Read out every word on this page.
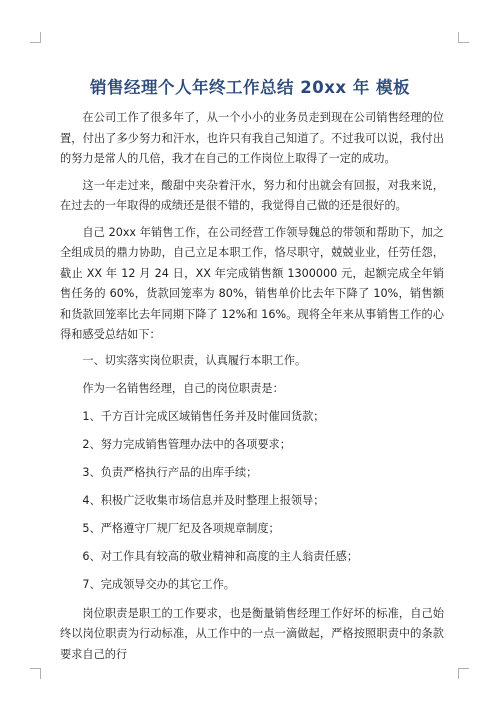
销售经理个人年终工作总结 20xx 年 模板

在公司工作了很多年了，从一个小小的业务员走到现在公司销售经理的位置，付出了多少努力和汗水，也许只有我自己知道了。不过我可以说，我付出的努力是常人的几倍，我才在自己的工作岗位上取得了一定的成功。

这一年走过来，酸甜中夹杂着汗水，努力和付出就会有回报，对我来说，在过去的一年取得的成绩还是很不错的，我觉得自己做的还是很好的。

自己 20xx 年销售工作，在公司经营工作领导魏总的带领和帮助下，加之全组成员的鼎力协助，自己立足本职工作，恪尽职守，兢兢业业，任劳任怨，截止 XX 年 12 月 24 日，XX 年完成销售额 1300000 元，起额完成全年销售任务的 60%，货款回笼率为 80%，销售单价比去年下降了 10%，销售额和货款回笼率比去年同期下降了 12%和 16%。现将全年来从事销售工作的心得和感受总结如下：

一、切实落实岗位职责，认真履行本职工作。

作为一名销售经理，自己的岗位职责是：

1、千方百计完成区域销售任务并及时催回货款；

2、努力完成销售管理办法中的各项要求；

3、负责严格执行产品的出库手续；

4、积极广泛收集市场信息并及时整理上报领导；

5、严格遵守厂规厂纪及各项规章制度；

6、对工作具有较高的敬业精神和高度的主人翁责任感；

7、完成领导交办的其它工作。

岗位职责是职工的工作要求，也是衡量销售经理工作好坏的标准，自己始终以岗位职责为行动标准，从工作中的一点一滴做起，严格按照职责中的条款要求自己的行
